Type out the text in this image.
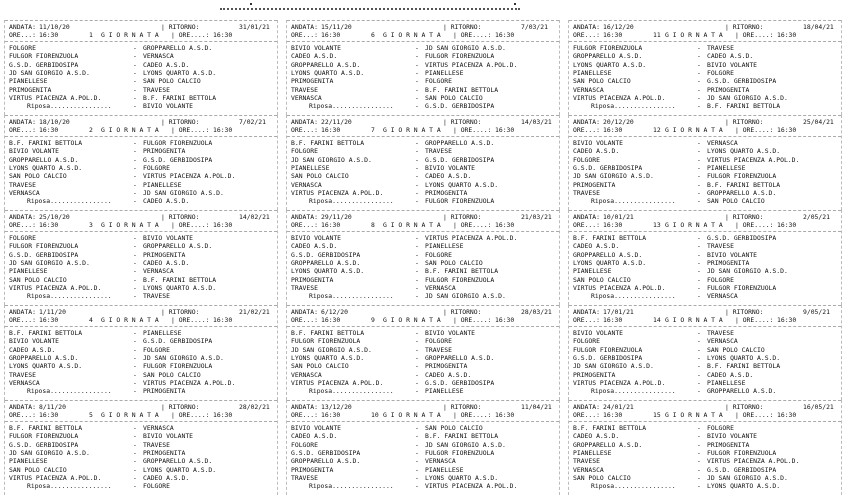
ANDATA: 11/10/20	| RITORNO:	31/01/21
ORE...: 16:30	1 G I O R N A T A | ORE....: 16:30
FOLGORE	- GROPPARELLO A.S.D.
FULGOR FIORENZUOLA	- VERNASCA
G.S.D. GERBIDOSIPA	- CADEO A.S.D.
JD SAN GIORGIO A.S.D.	- LYONS QUARTO A.S.D.
PIANELLESE	- SAN POLO CALCIO
PRIMOGENITA	- TRAVESE
VIRTUS PIACENZA A.POL.D.	- B.F. FARINI BETTOLA
Riposa................	- BIVIO VOLANTE
ANDATA: 18/10/20	| RITORNO:	7/02/21
ORE...: 16:30	2 G I O R N A T A | ORE....: 16:30
B.F. FARINI BETTOLA	- FULGOR FIORENZUOLA
BIVIO VOLANTE	- PRIMOGENITA
GROPPARELLO A.S.D.	- G.S.D. GERBIDOSIPA
LYONS QUARTO A.S.D.	- FOLGORE
SAN POLO CALCIO	- VIRTUS PIACENZA A.POL.D.
TRAVESE	- PIANELLESE
VERNASCA	- JD SAN GIORGIO A.S.D.
Riposa................	- CADEO A.S.D.
ANDATA: 25/10/20	| RITORNO:	14/02/21
ORE...: 16:30	3 G I O R N A T A | ORE....: 16:30
FOLGORE	- BIVIO VOLANTE
FULGOR FIORENZUOLA	- GROPPARELLO A.S.D.
G.S.D. GERBIDOSIPA	- PRIMOGENITA
JD SAN GIORGIO A.S.D.	- CADEO A.S.D.
PIANELLESE	- VERNASCA
SAN POLO CALCIO	- B.F. FARINI BETTOLA
VIRTUS PIACENZA A.POL.D.	- LYONS QUARTO A.S.D.
Riposa................	- TRAVESE
ANDATA: 1/11/20	| RITORNO:	21/02/21
ORE...: 16:30	4 G I O R N A T A | ORE....: 16:30
B.F. FARINI BETTOLA	- PIANELLESE
BIVIO VOLANTE	- G.S.D. GERBIDOSIPA
CADEO A.S.D.	- FOLGORE
GROPPARELLO A.S.D.	- JD SAN GIORGIO A.S.D.
LYONS QUARTO A.S.D.	- FULGOR FIORENZUOLA
TRAVESE	- SAN POLO CALCIO
VERNASCA	- VIRTUS PIACENZA A.POL.D.
Riposa................	- PRIMOGENITA
ANDATA: 8/11/20	| RITORNO:	28/02/21
ORE...: 16:30	5 G I O R N A T A | ORE....: 16:30
B.F. FARINI BETTOLA	- VERNASCA
FULGOR FIORENZUOLA	- BIVIO VOLANTE
G.S.D. GERBIDOSIPA	- TRAVESE
JD SAN GIORGIO A.S.D.	- PRIMOGENITA
PIANELLESE	- GROPPARELLO A.S.D.
SAN POLO CALCIO	- LYONS QUARTO A.S.D.
VIRTUS PIACENZA A.POL.D.	- CADEO A.S.D.
Riposa................	- FOLGORE
ANDATA: 15/11/20	| RITORNO:	7/03/21
ORE...: 16:30	6 G I O R N A T A | ORE....: 16:30
BIVIO VOLANTE	- JD SAN GIORGIO A.S.D.
CADEO A.S.D.	- FULGOR FIORENZUOLA
GROPPARELLO A.S.D.	- VIRTUS PIACENZA A.POL.D.
LYONS QUARTO A.S.D.	- PIANELLESE
PRIMOGENITA	- FOLGORE
TRAVESE	- B.F. FARINI BETTOLA
VERNASCA	- SAN POLO CALCIO
Riposa................	- G.S.D. GERBIDOSIPA
ANDATA: 22/11/20	| RITORNO:	14/03/21
ORE...: 16:30	7 G I O R N A T A | ORE....: 16:30
B.F. FARINI BETTOLA	- GROPPARELLO A.S.D.
FOLGORE	- TRAVESE
JD SAN GIORGIO A.S.D.	- G.S.D. GERBIDOSIPA
PIANELLESE	- BIVIO VOLANTE
SAN POLO CALCIO	- CADEO A.S.D.
VERNASCA	- LYONS QUARTO A.S.D.
VIRTUS PIACENZA A.POL.D.	- PRIMOGENITA
Riposa................	- FULGOR FIORENZUOLA
ANDATA: 29/11/20	| RITORNO:	21/03/21
ORE...: 16:30	8 G I O R N A T A | ORE....: 16:30
BIVIO VOLANTE	- VIRTUS PIACENZA A.POL.D.
CADEO A.S.D.	- PIANELLESE
G.S.D. GERBIDOSIPA	- FOLGORE
GROPPARELLO A.S.D.	- SAN POLO CALCIO
LYONS QUARTO A.S.D.	- B.F. FARINI BETTOLA
PRIMOGENITA	- FULGOR FIORENZUOLA
TRAVESE	- VERNASCA
Riposa................	- JD SAN GIORGIO A.S.D.
ANDATA: 6/12/20	| RITORNO:	28/03/21
ORE...: 16:30	9 G I O R N A T A | ORE....: 16:30
B.F. FARINI BETTOLA	- BIVIO VOLANTE
FULGOR FIORENZUOLA	- FOLGORE
JD SAN GIORGIO A.S.D.	- TRAVESE
LYONS QUARTO A.S.D.	- GROPPARELLO A.S.D.
SAN POLO CALCIO	- PRIMOGENITA
VERNASCA	- CADEO A.S.D.
VIRTUS PIACENZA A.POL.D.	- G.S.D. GERBIDOSIPA
Riposa................	- PIANELLESE
ANDATA: 13/12/20	| RITORNO:	11/04/21
ORE...: 16:30	10 G I O R N A T A | ORE....: 16:30
BIVIO VOLANTE	- SAN POLO CALCIO
CADEO A.S.D.	- B.F. FARINI BETTOLA
FOLGORE	- JD SAN GIORGIO A.S.D.
G.S.D. GERBIDOSIPA	- FULGOR FIORENZUOLA
GROPPARELLO A.S.D.	- VERNASCA
PRIMOGENITA	- PIANELLESE
TRAVESE	- LYONS QUARTO A.S.D.
Riposa................	- VIRTUS PIACENZA A.POL.D.
ANDATA: 16/12/20	| RITORNO:	18/04/21
ORE...: 16:30	11 G I O R N A T A | ORE....: 16:30
FULGOR FIORENZUOLA	- TRAVESE
GROPPARELLO A.S.D.	- CADEO A.S.D.
LYONS QUARTO A.S.D.	- BIVIO VOLANTE
PIANELLESE	- FOLGORE
SAN POLO CALCIO	- G.S.D. GERBIDOSIPA
VERNASCA	- PRIMOGENITA
VIRTUS PIACENZA A.POL.D.	- JD SAN GIORGIO A.S.D.
Riposa................	- B.F. FARINI BETTOLA
ANDATA: 20/12/20	| RITORNO:	25/04/21
ORE...: 16:30	12 G I O R N A T A | ORE....: 16:30
BIVIO VOLANTE	- VERNASCA
CADEO A.S.D.	- LYONS QUARTO A.S.D.
FOLGORE	- VIRTUS PIACENZA A.POL.D.
G.S.D. GERBIDOSIPA	- PIANELLESE
JD SAN GIORGIO A.S.D.	- FULGOR FIORENZUOLA
PRIMOGENITA	- B.F. FARINI BETTOLA
TRAVESE	- GROPPARELLO A.S.D.
Riposa................	- SAN POLO CALCIO
ANDATA: 10/01/21	| RITORNO:	2/05/21
ORE...: 16:30	13 G I O R N A T A | ORE....: 16:30
B.F. FARINI BETTOLA	- G.S.D. GERBIDOSIPA
CADEO A.S.D.	- TRAVESE
GROPPARELLO A.S.D.	- BIVIO VOLANTE
LYONS QUARTO A.S.D.	- PRIMOGENITA
PIANELLESE	- JD SAN GIORGIO A.S.D.
SAN POLO CALCIO	- FOLGORE
VIRTUS PIACENZA A.POL.D.	- FULGOR FIORENZUOLA
Riposa................	- VERNASCA
ANDATA: 17/01/21	| RITORNO:	9/05/21
ORE...: 16:30	14 G I O R N A T A | ORE....: 16:30
BIVIO VOLANTE	- TRAVESE
FOLGORE	- VERNASCA
FULGOR FIORENZUOLA	- SAN POLO CALCIO
G.S.D. GERBIDOSIPA	- LYONS QUARTO A.S.D.
JD SAN GIORGIO A.S.D.	- B.F. FARINI BETTOLA
PRIMOGENITA	- CADEO A.S.D.
VIRTUS PIACENZA A.POL.D.	- PIANELLESE
Riposa................	- GROPPARELLO A.S.D.
ANDATA: 24/01/21	| RITORNO:	16/05/21
ORE...: 16:30	15 G I O R N A T A | ORE....: 16:30
B.F. FARINI BETTOLA	- FOLGORE
CADEO A.S.D.	- BIVIO VOLANTE
GROPPARELLO A.S.D.	- PRIMOGENITA
PIANELLESE	- FULGOR FIORENZUOLA
TRAVESE	- VIRTUS PIACENZA A.POL.D.
VERNASCA	- G.S.D. GERBIDOSIPA
SAN POLO CALCIO	- JD SAN GIORGIO A.S.D.
Riposa................	- LYONS QUARTO A.S.D.
